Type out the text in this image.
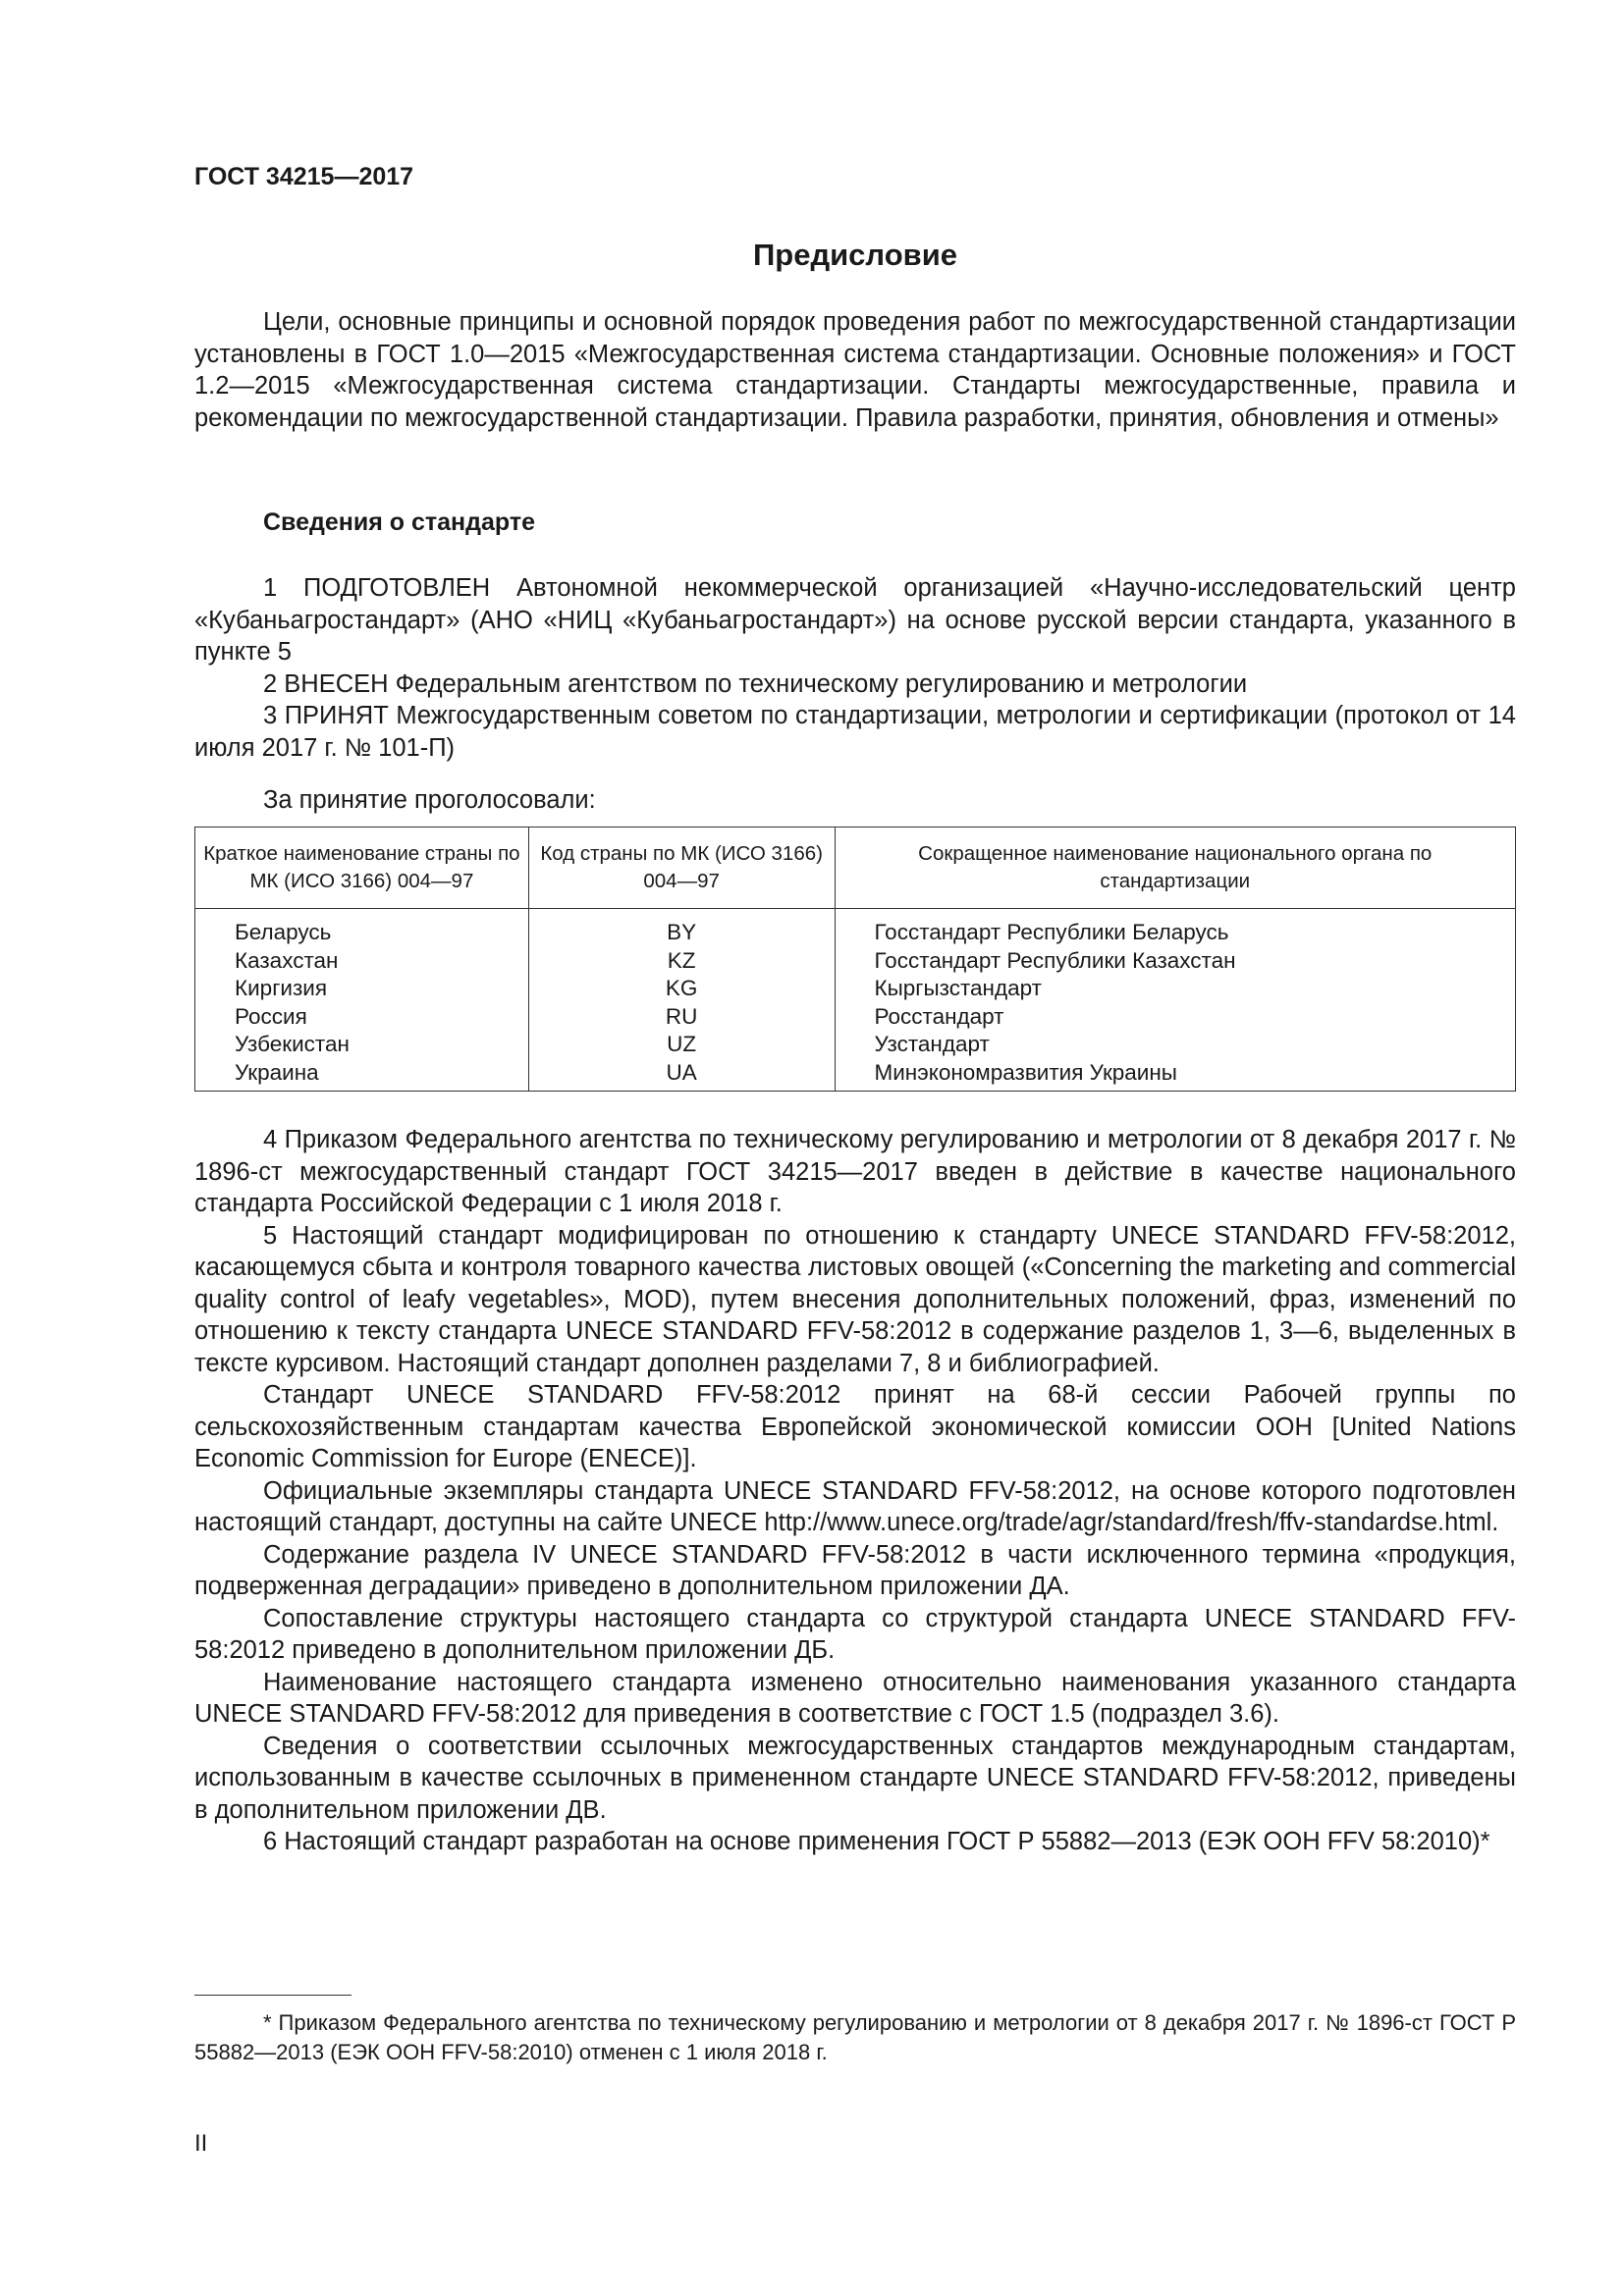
ГОСТ 34215—2017
Предисловие

Цели, основные принципы и основной порядок проведения работ по межгосударственной стандартизации установлены в ГОСТ 1.0—2015 «Межгосударственная система стандартизации. Основные положения» и ГОСТ 1.2—2015 «Межгосударственная система стандартизации. Стандарты межгосударственные, правила и рекомендации по межгосударственной стандартизации. Правила разработки, принятия, обновления и отмены»

Сведения о стандарте

1 ПОДГОТОВЛЕН Автономной некоммерческой организацией «Научно-исследовательский центр «Кубаньагростандарт» (АНО «НИЦ «Кубаньагростандарт») на основе русской версии стандарта, указанного в пункте 5

2 ВНЕСЕН Федеральным агентством по техническому регулированию и метрологии

3 ПРИНЯТ Межгосударственным советом по стандартизации, метрологии и сертификации (протокол от 14 июля 2017 г. № 101-П)

За принятие проголосовали:

Краткое наименование страны по МК (ИСО 3166) 004—97	Код страны по МК (ИСО 3166) 004—97	Сокращенное наименование национального органа по стандартизации
Беларусь	BY	Госстандарт Республики Беларусь
Казахстан	KZ	Госстандарт Республики Казахстан
Киргизия	KG	Кыргызстандарт
Россия	RU	Росстандарт
Узбекистан	UZ	Узстандарт
Украина	UA	Минэкономразвития Украины

4 Приказом Федерального агентства по техническому регулированию и метрологии от 8 декабря 2017 г. № 1896-ст межгосударственный стандарт ГОСТ 34215—2017 введен в действие в качестве национального стандарта Российской Федерации с 1 июля 2018 г.

5 Настоящий стандарт модифицирован по отношению к стандарту UNECE STANDARD FFV-58:2012, касающемуся сбыта и контроля товарного качества листовых овощей («Concerning the marketing and commercial quality control of leafy vegetables», MOD), путем внесения дополнительных положений, фраз, изменений по отношению к тексту стандарта UNECE STANDARD FFV-58:2012 в содержание разделов 1, 3—6, выделенных в тексте курсивом. Настоящий стандарт дополнен разделами 7, 8 и библиографией.

Стандарт UNECE STANDARD FFV-58:2012 принят на 68-й сессии Рабочей группы по сельскохозяйственным стандартам качества Европейской экономической комиссии ООН [United Nations Economic Commission for Europe (ENECE)].

Официальные экземпляры стандарта UNECE STANDARD FFV-58:2012, на основе которого подготовлен настоящий стандарт, доступны на сайте UNECE http://www.unece.org/trade/agr/standard/fresh/ffv-standardse.html.

Содержание раздела IV UNECE STANDARD FFV-58:2012 в части исключенного термина «продукция, подверженная деградации» приведено в дополнительном приложении ДА.

Сопоставление структуры настоящего стандарта со структурой стандарта UNECE STANDARD FFV-58:2012 приведено в дополнительном приложении ДБ.

Наименование настоящего стандарта изменено относительно наименования указанного стандарта UNECE STANDARD FFV-58:2012 для приведения в соответствие с ГОСТ 1.5 (подраздел 3.6).

Сведения о соответствии ссылочных межгосударственных стандартов международным стандартам, использованным в качестве ссылочных в примененном стандарте UNECE STANDARD FFV-58:2012, приведены в дополнительном приложении ДВ.

6 Настоящий стандарт разработан на основе применения ГОСТ Р 55882—2013 (ЕЭК ООН FFV 58:2010)*

* Приказом Федерального агентства по техническому регулированию и метрологии от 8 декабря 2017 г. № 1896-ст ГОСТ Р 55882—2013 (ЕЭК ООН FFV-58:2010) отменен с 1 июля 2018 г.

II
